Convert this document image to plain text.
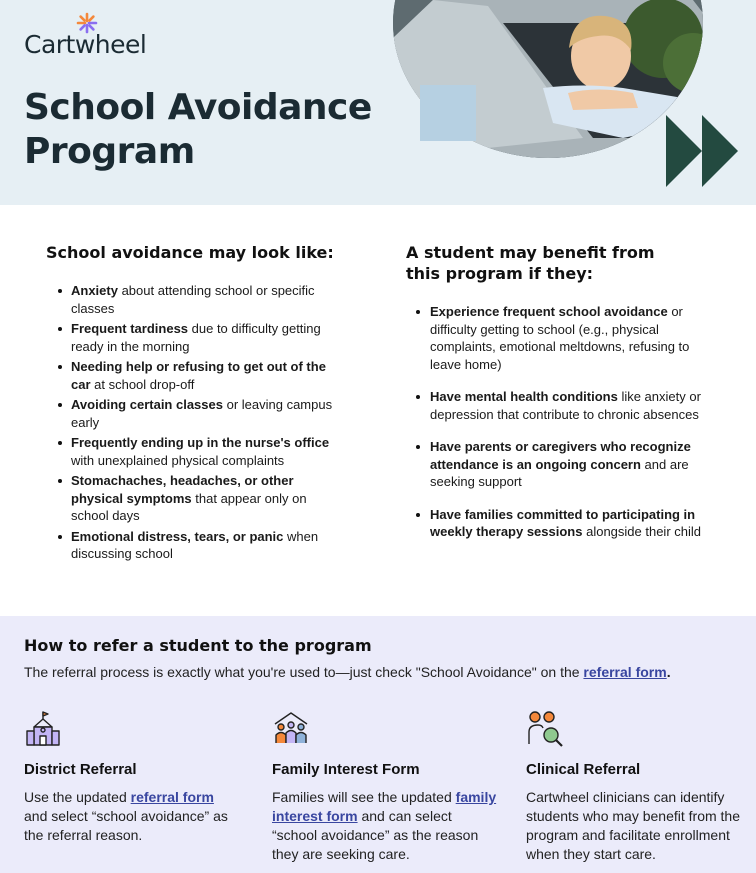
Cartwheel
School Avoidance
Program
School avoidance may look like:
Anxiety about attending school or specific classes
Frequent tardiness due to difficulty getting ready in the morning
Needing help or refusing to get out of the car at school drop-off
Avoiding certain classes or leaving campus early
Frequently ending up in the nurse's office with unexplained physical complaints
Stomachaches, headaches, or other physical symptoms that appear only on school days
Emotional distress, tears, or panic when discussing school
A student may benefit from
this program if they:
Experience frequent school avoidance or difficulty getting to school (e.g., physical complaints, emotional meltdowns, refusing to leave home)
Have mental health conditions like anxiety or depression that contribute to chronic absences
Have parents or caregivers who recognize attendance is an ongoing concern and are seeking support
Have families committed to participating in weekly therapy sessions alongside their child
How to refer a student to the program
The referral process is exactly what you're used to—just check "School Avoidance" on the referral form.
District Referral
Use the updated referral form and select “school avoidance” as the referral reason.
Family Interest Form
Families will see the updated family interest form and can select “school avoidance” as the reason they are seeking care.
Clinical Referral
Cartwheel clinicians can identify students who may benefit from the program and facilitate enrollment when they start care.
